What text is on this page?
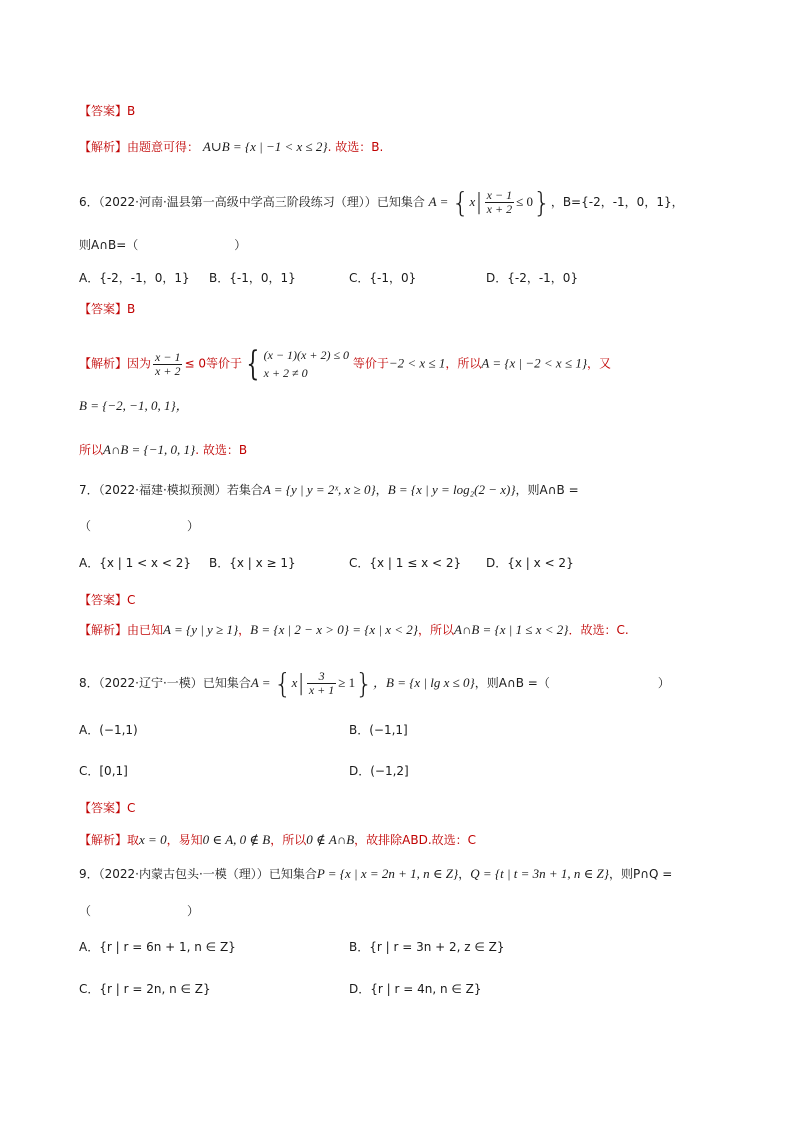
【答案】B
【解析】由题意可得： A∪B = {x | −1 < x ≤ 2}. 故选：B.
6．（2022·河南·温县第一高级中学高三阶段练习（理））已知集合 $A = \{x| \frac{x - 1}{x + 2} \le 0\}$，B={-2，-1，0，1}，
则A∩B=（　　　　　　　　）
A．{-2，-1，0，1} B．{-1，0，1}	C．{-1，0}	D．{-2，-1，0}
【答案】B
【解析】因为 $\frac{x - 1}{x + 2} \le 0$等价于 { (x − 1)(x + 2) ≤ 0
x + 2 ≠ 0
等价于−2 < x ≤ 1，所以A = {x | −2 < x ≤ 1}，又
B = {−2, −1, 0, 1}，
所以A∩B = {−1, 0, 1}. 故选：B
7．（2022·福建·模拟预测）若集合A = {y | y = 2ˣ, x ≥ 0}，B = {x | y = log₂(2 − x)}，则A∩B =
（　　　　　　　　）
A．{x | 1 < x < 2} B．{x | x ≥ 1}	C．{x | 1 ≤ x < 2} D．{x | x < 2}
【答案】C
【解析】由已知A = {y | y ≥ 1}，B = {x | 2 − x > 0} = {x | x < 2}，所以A∩B = {x | 1 ≤ x < 2}．故选：C.
8．（2022·辽宁·一模）已知集合$A = \{x| \frac{3}{x + 1} \ge 1\}$，B = {x | lg x ≤ 0}，则A∩B =（　　　　　　　　　）
A．(−1,1)	B．(−1,1]
C．[0,1]	D．(−1,2]
【答案】C
【解析】取x = 0，易知0 ∈ A, 0 ∉ B，所以0 ∉ A∩B，故排除ABD.故选：C
9．（2022·内蒙古包头·一模（理））已知集合P = {x | x = 2n + 1, n ∈ Z}，Q = {t | t = 3n + 1, n ∈ Z}，则P∩Q =
（　　　　　　　　）
A．{r | r = 6n + 1, n ∈ Z}	B．{r | r = 3n + 2, z ∈ Z}
C．{r | r = 2n, n ∈ Z}	D．{r | r = 4n, n ∈ Z}
